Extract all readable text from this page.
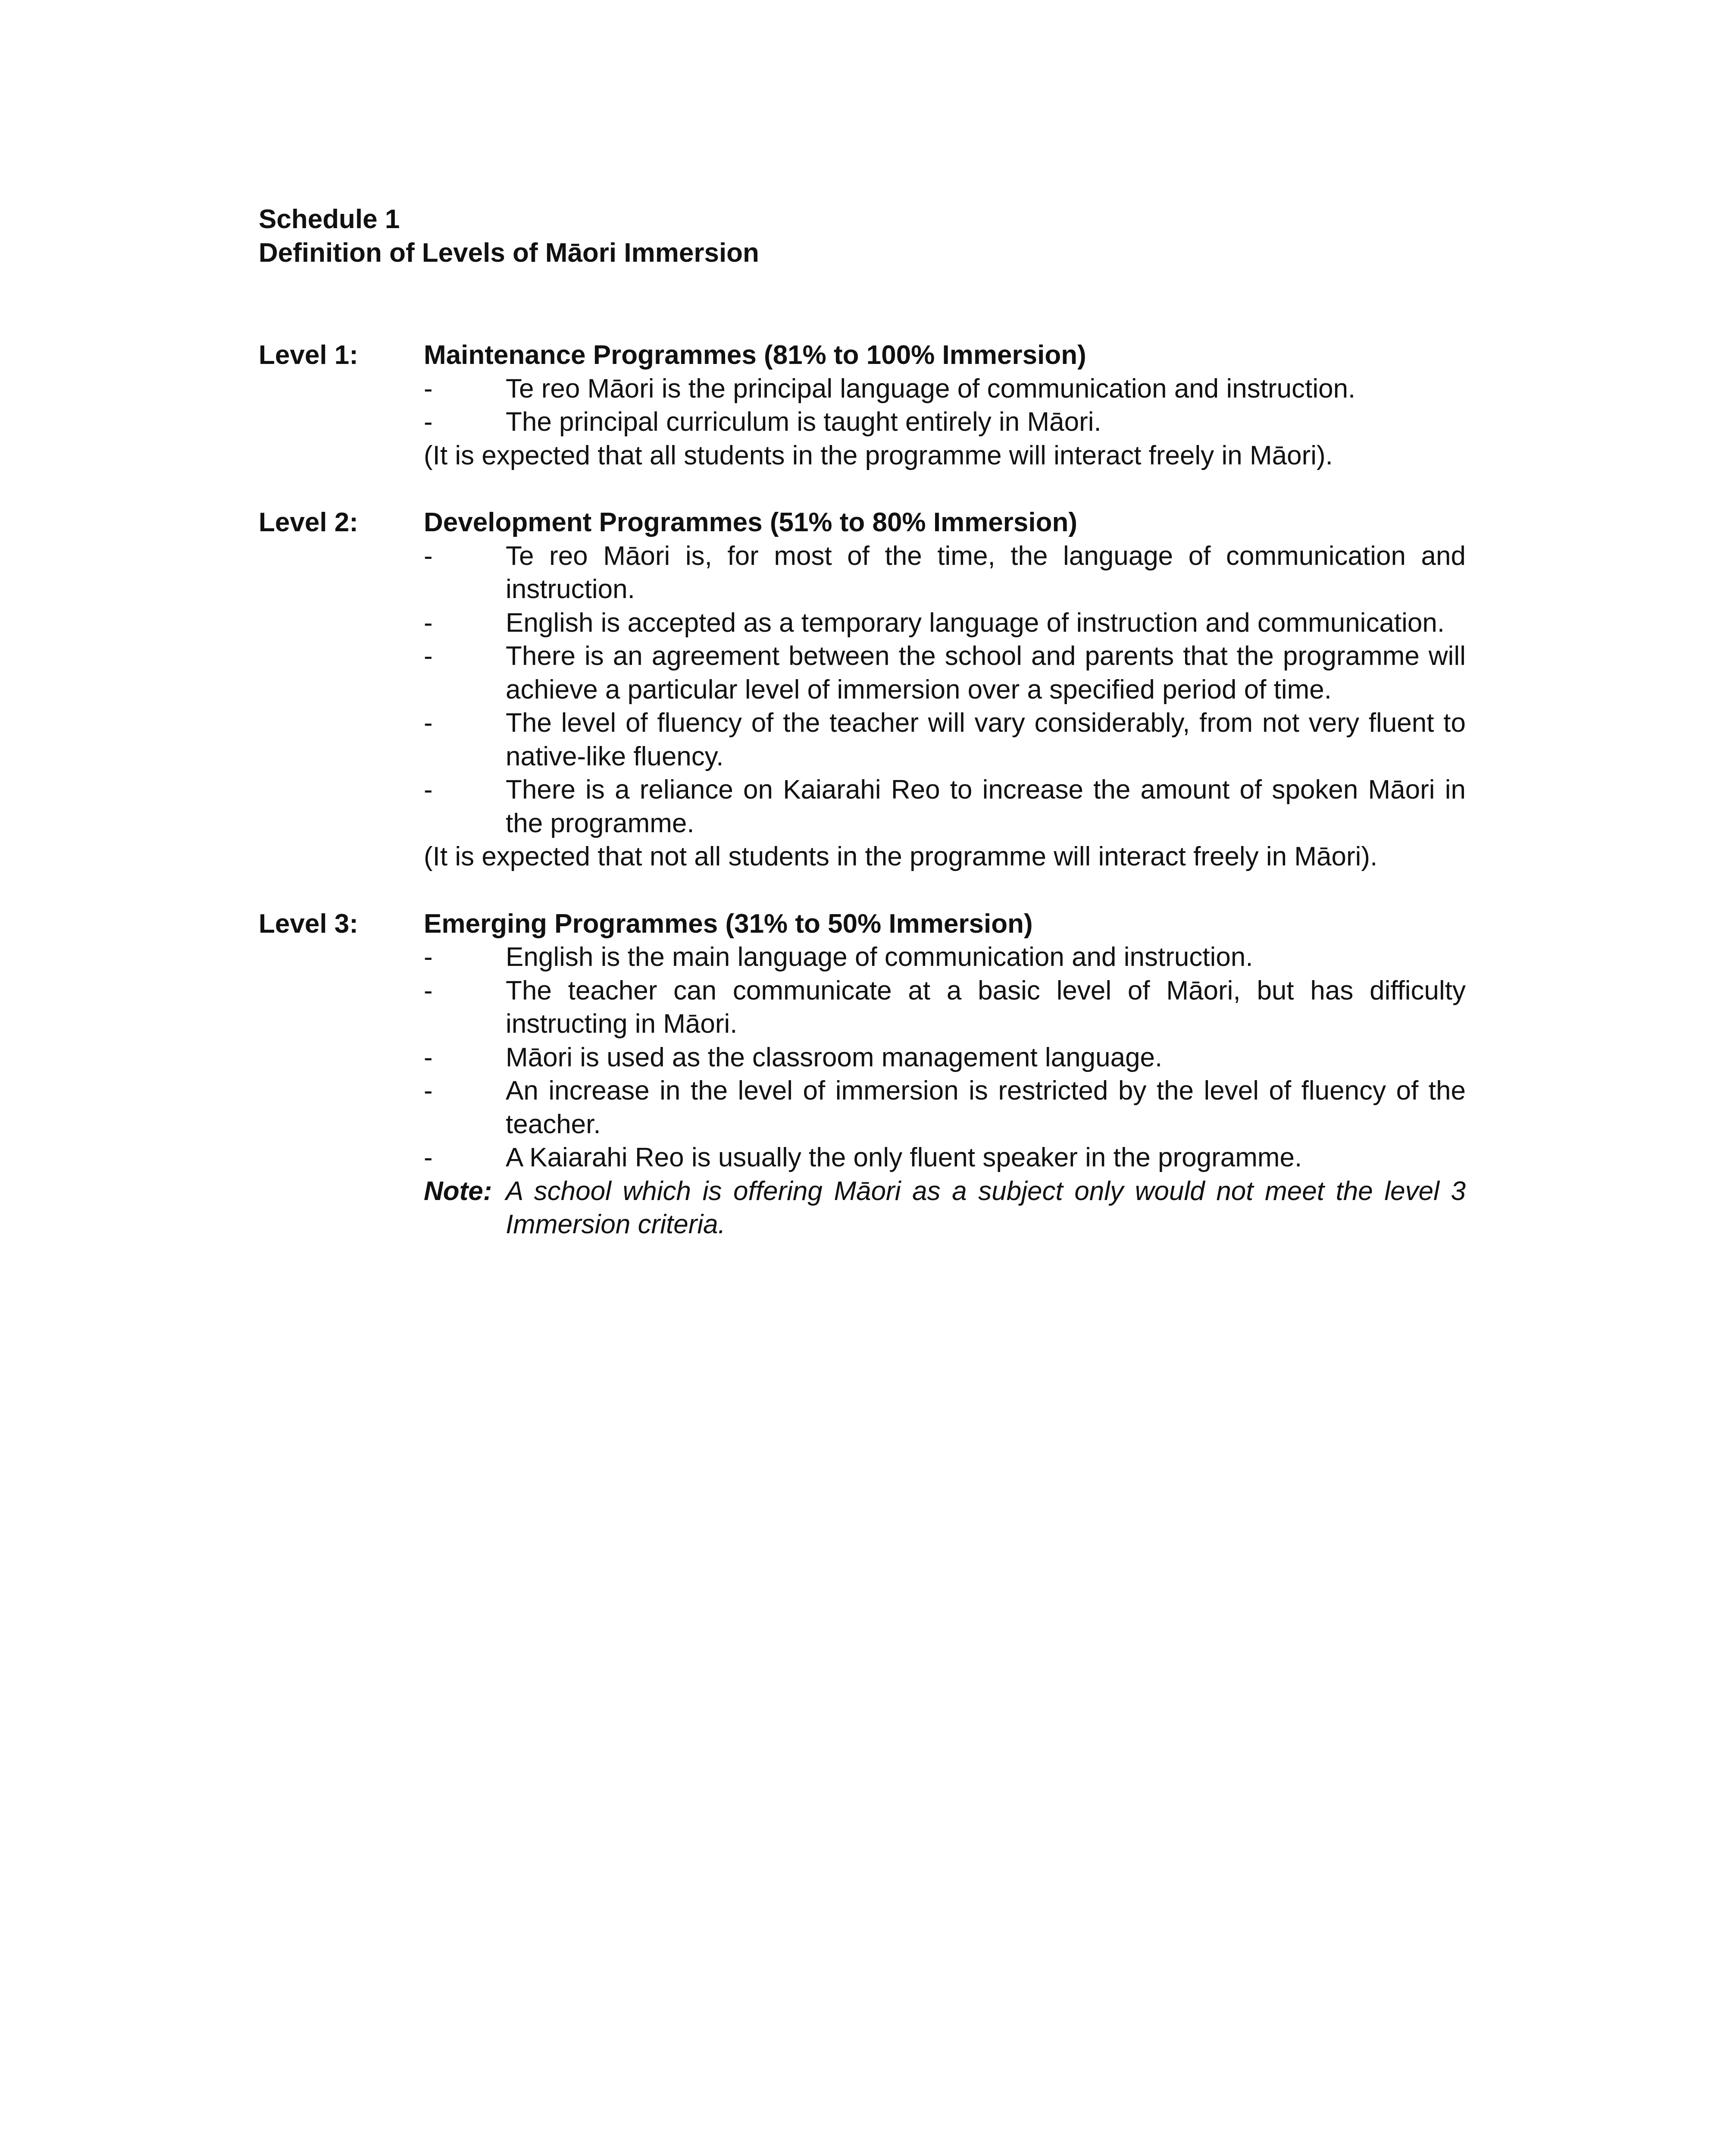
Schedule 1
Definition of Levels of Māori Immersion
Level 1:	Maintenance Programmes (81% to 100% Immersion)
-	Te reo Māori is the principal language of communication and instruction.
-	The principal curriculum is taught entirely in Māori.
(It is expected that all students in the programme will interact freely in Māori).
Level 2:	Development Programmes (51% to 80% Immersion)
-	Te reo Māori is, for most of the time, the language of communication and instruction.
-	English is accepted as a temporary language of instruction and communication.
-	There is an agreement between the school and parents that the programme will achieve a particular level of immersion over a specified period of time.
-	The level of fluency of the teacher will vary considerably, from not very fluent to native-like fluency.
-	There is a reliance on Kaiarahi Reo to increase the amount of spoken Māori in the programme.
(It is expected that not all students in the programme will interact freely in Māori).
Level 3:	Emerging Programmes (31% to 50% Immersion)
-	English is the main language of communication and instruction.
-	The teacher can communicate at a basic level of Māori, but has difficulty instructing in Māori.
-	Māori is used as the classroom management language.
-	An increase in the level of immersion is restricted by the level of fluency of the teacher.
-	A Kaiarahi Reo is usually the only fluent speaker in the programme.
Note: A school which is offering Māori as a subject only would not meet the level 3 Immersion criteria.
